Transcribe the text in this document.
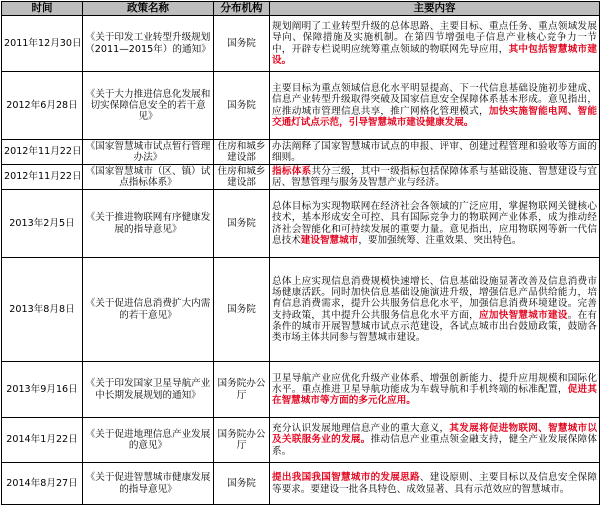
时间	政策名称	分布机构	主要内容
2011年12月30日	《关于印发工业转型升级规划（2011—2015年）的通知》	国务院	规划阐明了工业转型升级的总体思路、主要目标、重点任务、重点领域发展导向、保障措施及实施机制。在第四节增强电子信息产业核心竞争力一节中，开辟专栏说明应统筹重点领域的物联网先导应用，其中包括智慧城市建设。
2012年6月28日	《关于大力推进信息化发展和切实保障信息安全的若干意见》	国务院	主要目标为重点领域信息化水平明显提高、下一代信息基础设施初步建成、信息产业转型升级取得突破及国家信息安全保障体系基本形成。意见指出，应推动城市管理信息共享，推广网格化管理模式，加快实施智能电网、智能交通灯试点示范，引导智慧城市建设健康发展。
2012年11月22日	《国家智慧城市试点暂行管理办法》	住房和城乡建设部	办法阐释了国家智慧城市试点的申报、评审、创建过程管理和验收等方面的细则。
2012年11月22日	《国家智慧城市（区、镇）试点指标体系》	住房和城乡建设部	指标体系共分三级，其中一级指标包括保障体系与基础设施、智慧建设与宜居、智慧管理与服务及智慧产业与经济。
2013年2月5日	《关于推进物联网有序健康发展的指导意见》	国务院	总体目标为实现物联网在经济社会各领域的广泛应用，掌握物联网关键核心技术，基本形成安全可控、具有国际竞争力的物联网产业体系，成为推动经济社会智能化和可持续发展的重要力量。意见指出，应用物联网等新一代信息技术建设智慧城市，要加强统筹、注重效果、突出特色。
2013年8月8日	《关于促进信息消费扩大内需的若干意见》	国务院	总体上应实现信息消费规模快速增长、信息基础设施显著改善及信息消费市场健康活跃。同时加快信息基础设施演进升级，增强信息产品供给能力，培育信息消费需求，提升公共服务信息化水平，加强信息消费环境建设。完善支持政策，其中提升公共服务信息化水平方面，应加快智慧城市建设。在有条件的城市开展智慧城市试点示范建设，各试点城市出台鼓励政策，鼓励各类市场主体共同参与智慧城市建设。
2013年9月16日	《关于印发国家卫星导航产业中长期发展规划的通知》	国务院办公厅	卫星导航产业应优化升级产业体系、增强创新能力、提升应用规模和国际化水平。重点推进卫星导航功能成为车载导航和手机终端的标准配置，促进其在智慧城市等方面的多元化应用。
2014年1月22日	《关于促进地理信息产业发展的意见》	国务院办公厅	充分认识发展地理信息产业的重大意义，其发展将促进物联网、智慧城市以及关联服务业的发展。推动信息产业重点领金融支持，健全产业发展保障体系。
2014年8月27日	《关于促进智慧城市健康发展的指导意见》	国务院	提出我国我国智慧城市的发展思路、建设原则、主要目标以及信息安全保障等要求。要建设一批各具特色、成效显著、具有示范效应的智慧城市。
